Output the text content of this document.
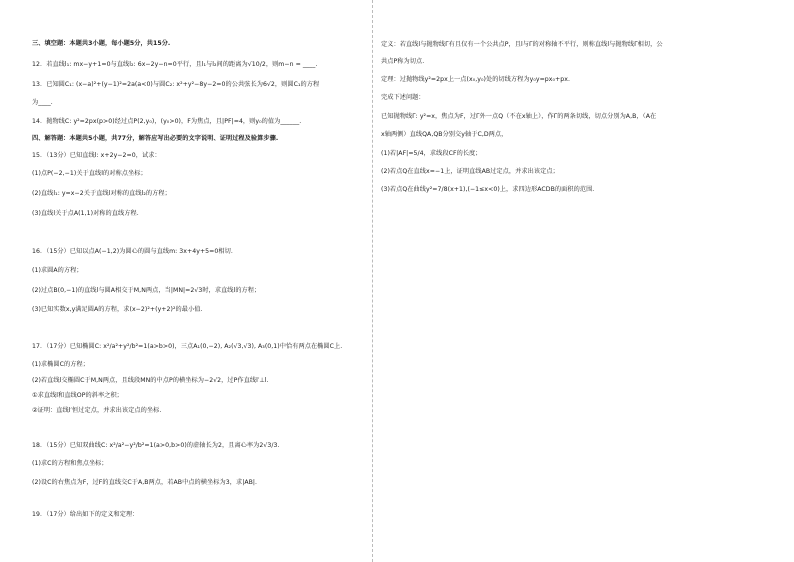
三、填空题：本题共3小题，每小题5分，共15分.
12．若直线l₁: mx−y+1=0与直线l₂: 6x−2y−n=0平行，且l₁与l₂间的距离为√10/2，则m−n = ____.
13．已知圆C₁: (x−a)²+(y−1)²=2a(a<0)与圆C₂: x²+y²−8y−2=0的公共弦长为6√2，则圆C₁的方程
为____.
14．抛物线C: y²=2px(p>0)经过点P(2,y₀)，(y₀>0)，F为焦点，且|PF|=4，则y₀的值为______.
四、解答题：本题共5小题，共77分，解答应写出必要的文字说明、证明过程及验算步骤.
15．（13分）已知直线l: x+2y−2=0，试求：
(1)点P(−2,−1)关于直线l的对称点坐标；
(2)直线l₁: y=x−2关于直线l对称的直线l₂的方程；
(3)直线l关于点A(1,1)对称的直线方程.
16．（15分）已知以点A(−1,2)为圆心的圆与直线m: 3x+4y+5=0相切.
(1)求圆A的方程；
(2)过点B(0,−1)的直线l与圆A相交于M,N两点，当|MN|=2√3时，求直线l的方程；
(3)已知实数x,y满足圆A的方程，求(x−2)²+(y+2)²的最小值.
17．（17分）已知椭圆C: x²/a²+y²/b²=1(a>b>0)，三点A₁(0,−2), A₂(√3,√3), A₃(0,1)中恰有两点在椭圆C上.
(1)求椭圆C的方程；
(2)若直线l交椭圆C于M,N两点，且线段MN的中点P的横坐标为−2√2，过P作直线l′⊥l.
①求直线l和直线OP的斜率之积；
②证明：直线l′恒过定点，并求出该定点的坐标.
18．（15分）已知双曲线C: x²/a²−y²/b²=1(a>0,b>0)的虚轴长为2，且离心率为2√3/3.
(1)求C的方程和焦点坐标；
(2)设C的右焦点为F，过F的直线交C于A,B两点，若AB中点的横坐标为3，求|AB|.
19．（17分）给出如下的定义和定理：
定义：若直线l与抛物线Γ有且仅有一个公共点P，且l与Γ的对称轴不平行，则称直线l与抛物线Γ相切，公
共点P称为切点.
定理：过抛物线y²=2px上一点(x₀,y₀)处的切线方程为y₀y=px₀+px.
完成下述问题：
已知抛物线Γ: y²=x，焦点为F，过Γ外一点Q（不在x轴上），作Γ的两条切线，切点分别为A,B，（A在
x轴两侧）直线QA,QB分别交y轴于C,D两点，
(1)若|AF|=5/4，求线段CF的长度；
(2)若点Q在直线x=−1上，证明直线AB过定点，并求出该定点；
(3)若点Q在曲线y²=7/8(x+1),(−1≤x<0)上，求四边形ACDB的面积的范围.
